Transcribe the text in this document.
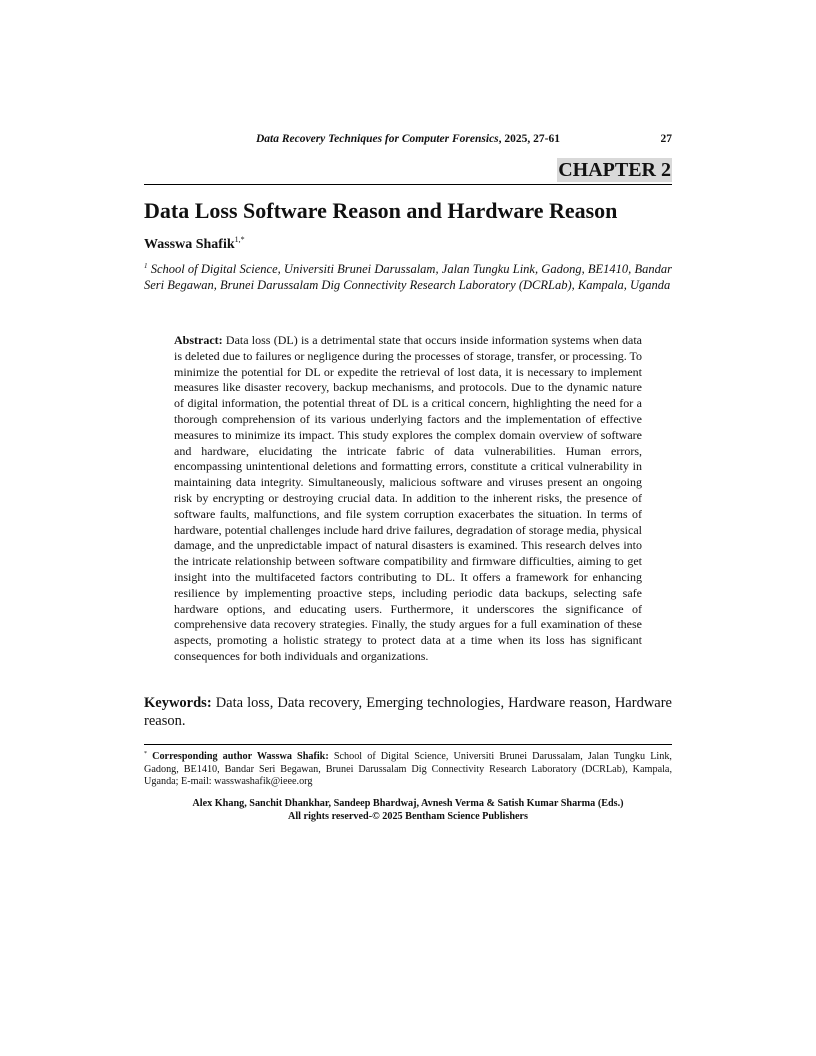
Data Recovery Techniques for Computer Forensics, 2025, 27-61	27
CHAPTER 2
Data Loss Software Reason and Hardware Reason
Wasswa Shafik$^{1,*}$
$^1$ School of Digital Science, Universiti Brunei Darussalam, Jalan Tungku Link, Gadong, BE1410, Bandar Seri Begawan, Brunei Darussalam Dig Connectivity Research Laboratory (DCRLab), Kampala, Uganda

Abstract: Data loss (DL) is a detrimental state that occurs inside information systems when data is deleted due to failures or negligence during the processes of storage, transfer, or processing. To minimize the potential for DL or expedite the retrieval of lost data, it is necessary to implement measures like disaster recovery, backup mechanisms, and protocols. Due to the dynamic nature of digital information, the potential threat of DL is a critical concern, highlighting the need for a thorough comprehension of its various underlying factors and the implementation of effective measures to minimize its impact. This study explores the complex domain overview of software and hardware, elucidating the intricate fabric of data vulnerabilities. Human errors, encompassing unintentional deletions and formatting errors, constitute a critical vulnerability in maintaining data integrity. Simultaneously, malicious software and viruses present an ongoing risk by encrypting or destroying crucial data. In addition to the inherent risks, the presence of software faults, malfunctions, and file system corruption exacerbates the situation. In terms of hardware, potential challenges include hard drive failures, degradation of storage media, physical damage, and the unpredictable impact of natural disasters is examined. This research delves into the intricate relationship between software compatibility and firmware difficulties, aiming to get insight into the multifaceted factors contributing to DL. It offers a framework for enhancing resilience by implementing proactive steps, including periodic data backups, selecting safe hardware options, and educating users. Furthermore, it underscores the significance of comprehensive data recovery strategies. Finally, the study argues for a full examination of these aspects, promoting a holistic strategy to protect data at a time when its loss has significant consequences for both individuals and organizations.

Keywords: Data loss, Data recovery, Emerging technologies, Hardware reason, Hardware reason.
* Corresponding author Wasswa Shafik: School of Digital Science, Universiti Brunei Darussalam, Jalan Tungku Link, Gadong, BE1410, Bandar Seri Begawan, Brunei Darussalam Dig Connectivity Research Laboratory (DCRLab), Kampala, Uganda; E-mail: wasswashafik@ieee.org
Alex Khang, Sanchit Dhankhar, Sandeep Bhardwaj, Avnesh Verma & Satish Kumar Sharma (Eds.)
All rights reserved-© 2025 Bentham Science Publishers
